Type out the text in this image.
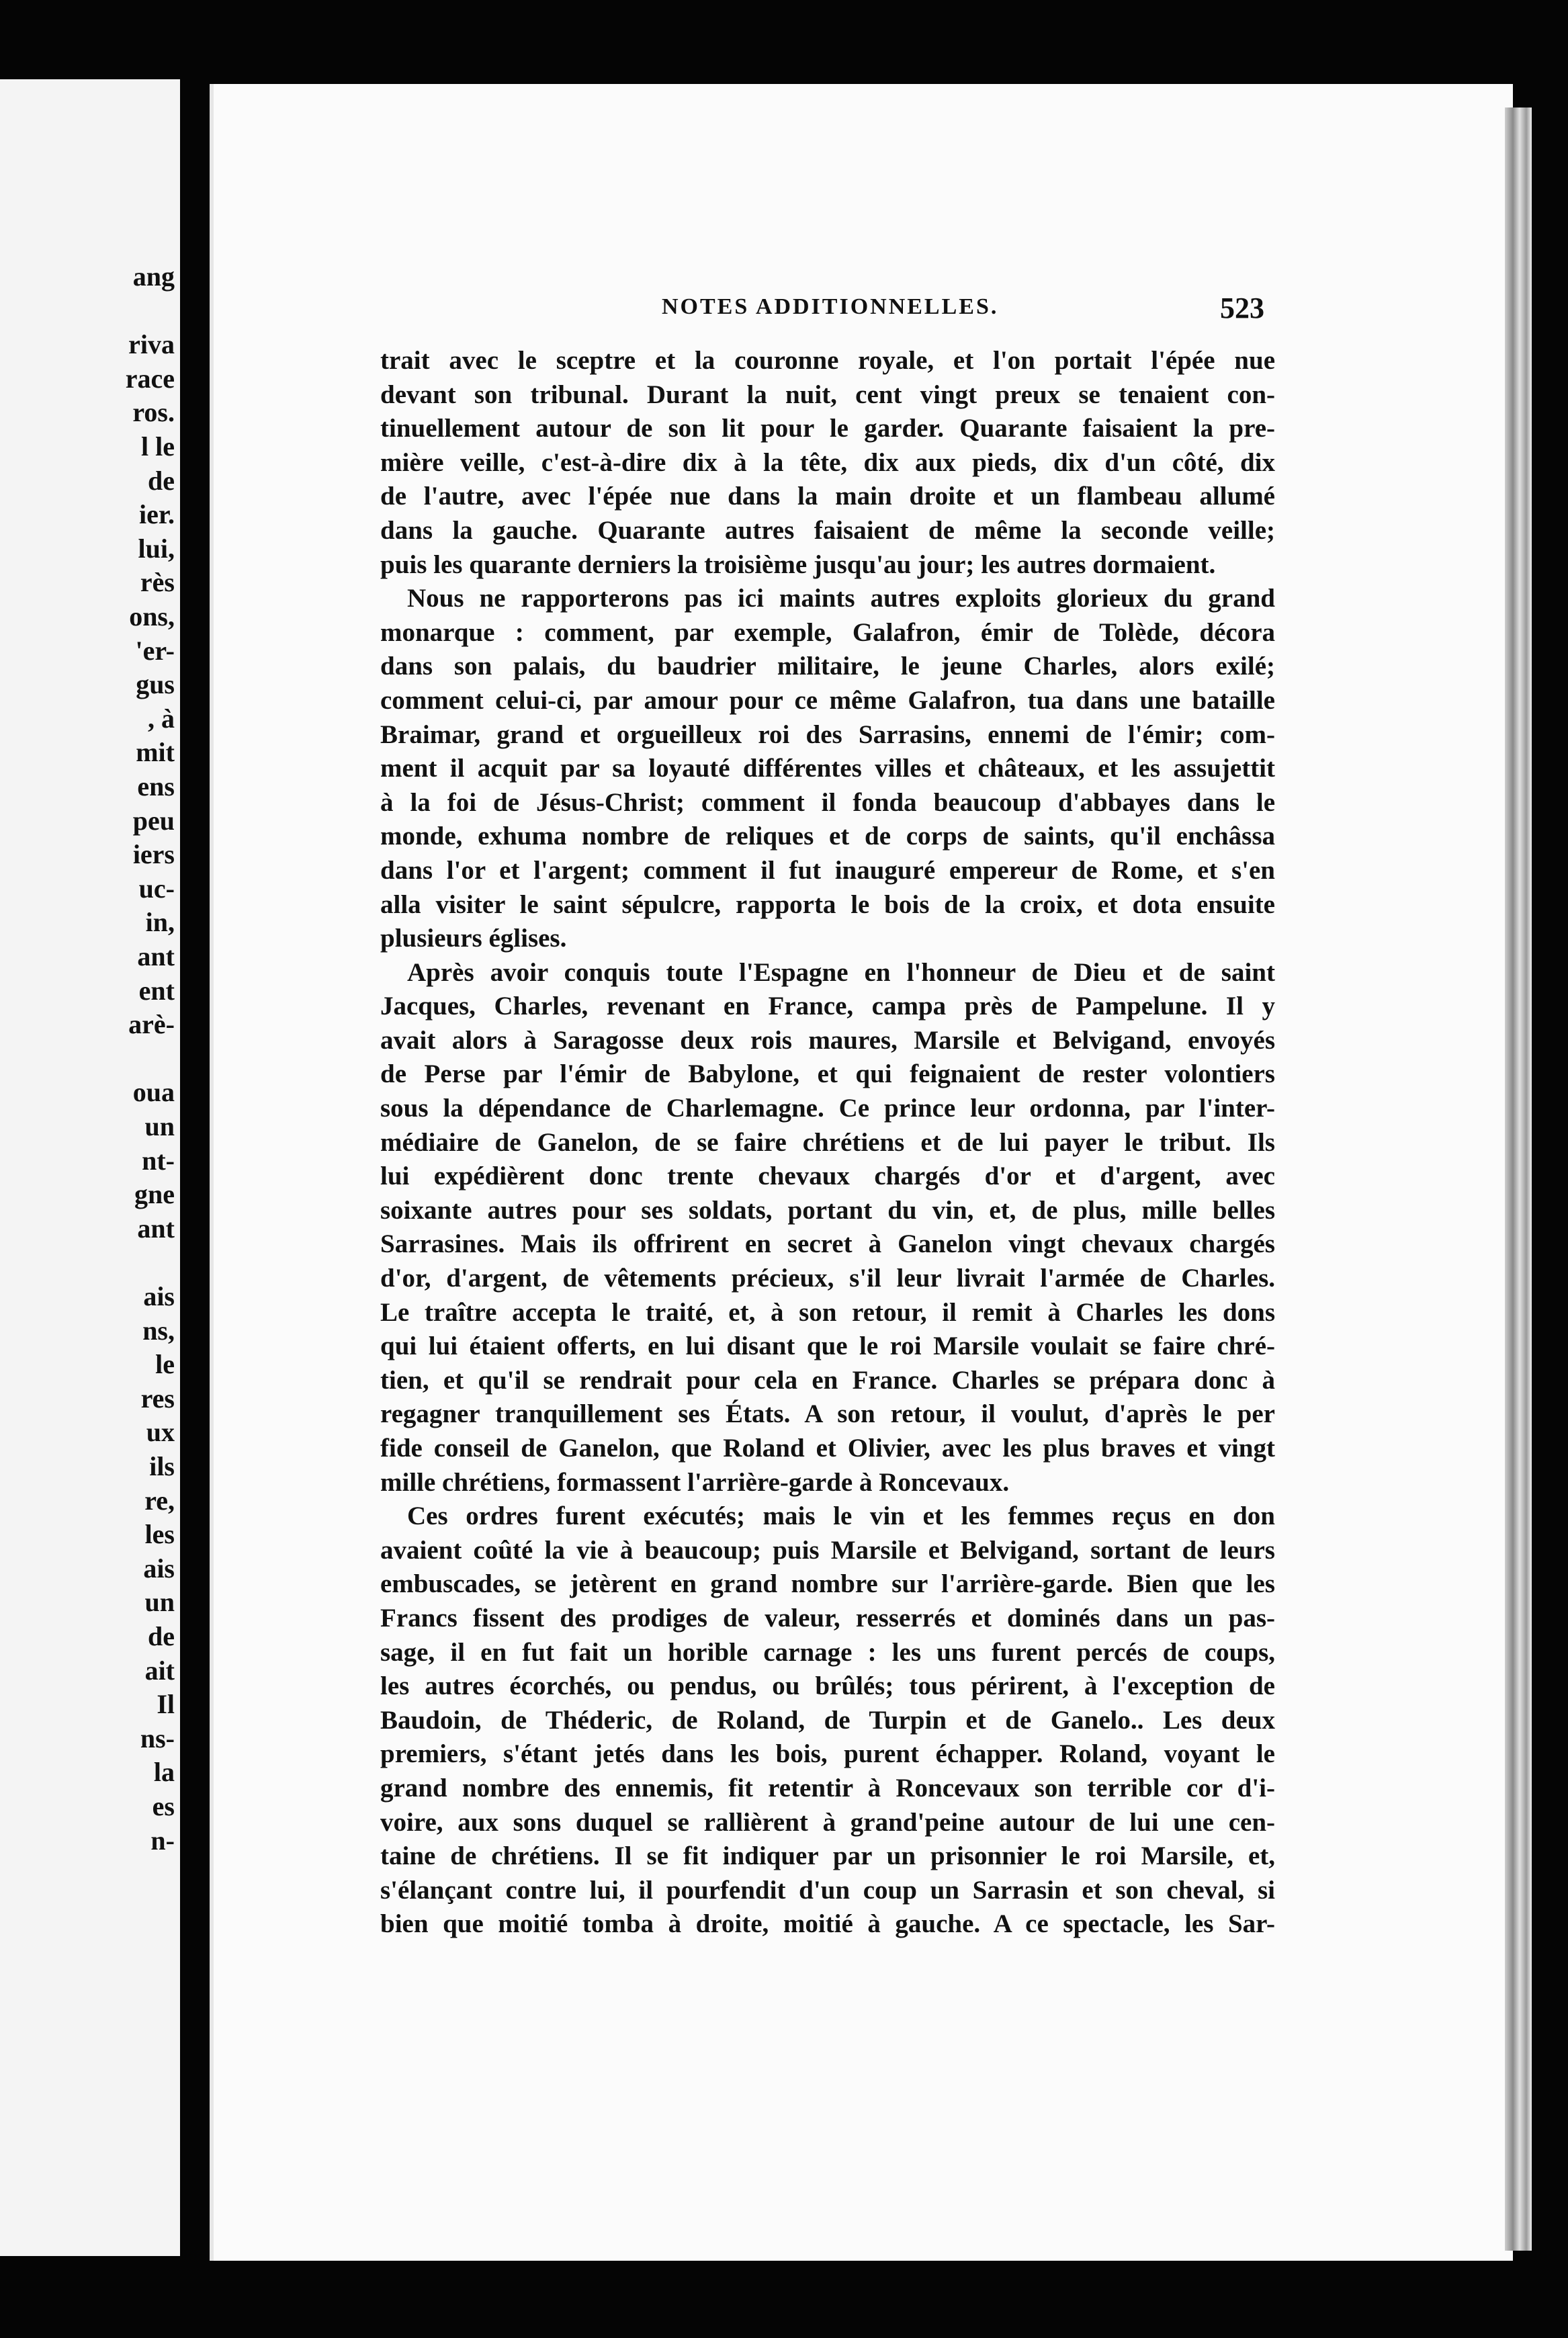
ang
riva
race
ros.
l le
de
ier.
lui,
rès
ons,
'er-
gus
, à
mit
ens
peu
iers
uc-
in,
ant
ent
arè-
oua
un
nt-
gne
ant
ais
ns,
le
res
ux
ils
re,
les
ais
un
de
ait
Il
ns-
la
es
n-
NOTES ADDITIONNELLES.	523
trait avec le sceptre et la couronne royale, et l'on portait l'épée nue
devant son tribunal. Durant la nuit, cent vingt preux se tenaient con-
tinuellement autour de son lit pour le garder. Quarante faisaient la pre-
mière veille, c'est-à-dire dix à la tête, dix aux pieds, dix d'un côté, dix
de l'autre, avec l'épée nue dans la main droite et un flambeau allumé
dans la gauche. Quarante autres faisaient de même la seconde veille;
puis les quarante derniers la troisième jusqu'au jour; les autres dormaient.
Nous ne rapporterons pas ici maints autres exploits glorieux du grand
monarque : comment, par exemple, Galafron, émir de Tolède, décora
dans son palais, du baudrier militaire, le jeune Charles, alors exilé;
comment celui-ci, par amour pour ce même Galafron, tua dans une bataille
Braimar, grand et orgueilleux roi des Sarrasins, ennemi de l'émir; com-
ment il acquit par sa loyauté différentes villes et châteaux, et les assujettit
à la foi de Jésus-Christ; comment il fonda beaucoup d'abbayes dans le
monde, exhuma nombre de reliques et de corps de saints, qu'il enchâssa
dans l'or et l'argent; comment il fut inauguré empereur de Rome, et s'en
alla visiter le saint sépulcre, rapporta le bois de la croix, et dota ensuite
plusieurs églises.
Après avoir conquis toute l'Espagne en l'honneur de Dieu et de saint
Jacques, Charles, revenant en France, campa près de Pampelune. Il y
avait alors à Saragosse deux rois maures, Marsile et Belvigand, envoyés
de Perse par l'émir de Babylone, et qui feignaient de rester volontiers
sous la dépendance de Charlemagne. Ce prince leur ordonna, par l'inter-
médiaire de Ganelon, de se faire chrétiens et de lui payer le tribut. Ils
lui expédièrent donc trente chevaux chargés d'or et d'argent, avec
soixante autres pour ses soldats, portant du vin, et, de plus, mille belles
Sarrasines. Mais ils offrirent en secret à Ganelon vingt chevaux chargés
d'or, d'argent, de vêtements précieux, s'il leur livrait l'armée de Charles.
Le traître accepta le traité, et, à son retour, il remit à Charles les dons
qui lui étaient offerts, en lui disant que le roi Marsile voulait se faire chré-
tien, et qu'il se rendrait pour cela en France. Charles se prépara donc à
regagner tranquillement ses États. A son retour, il voulut, d'après le per
fide conseil de Ganelon, que Roland et Olivier, avec les plus braves et vingt
mille chrétiens, formassent l'arrière-garde à Roncevaux.
Ces ordres furent exécutés; mais le vin et les femmes reçus en don
avaient coûté la vie à beaucoup; puis Marsile et Belvigand, sortant de leurs
embuscades, se jetèrent en grand nombre sur l'arrière-garde. Bien que les
Francs fissent des prodiges de valeur, resserrés et dominés dans un pas-
sage, il en fut fait un horible carnage : les uns furent percés de coups,
les autres écorchés, ou pendus, ou brûlés; tous périrent, à l'exception de
Baudoin, de Théderic, de Roland, de Turpin et de Ganelo.. Les deux
premiers, s'étant jetés dans les bois, purent échapper. Roland, voyant le
grand nombre des ennemis, fit retentir à Roncevaux son terrible cor d'i-
voire, aux sons duquel se rallièrent à grand'peine autour de lui une cen-
taine de chrétiens. Il se fit indiquer par un prisonnier le roi Marsile, et,
s'élançant contre lui, il pourfendit d'un coup un Sarrasin et son cheval, si
bien que moitié tomba à droite, moitié à gauche. A ce spectacle, les Sar-
